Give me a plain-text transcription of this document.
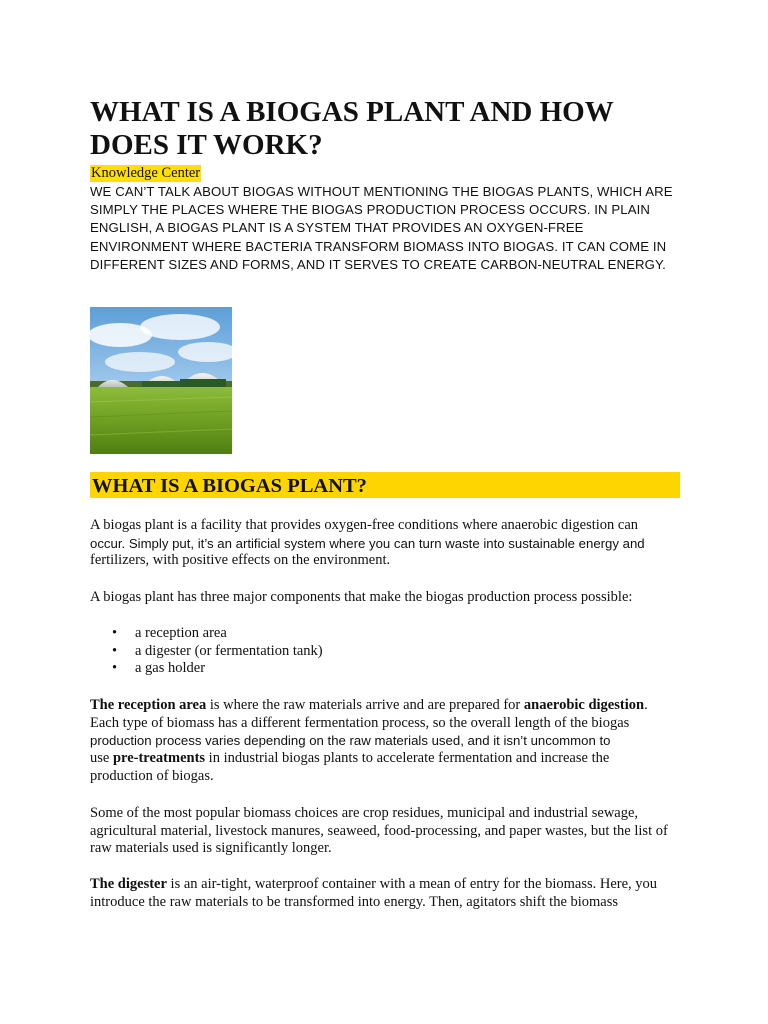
WHAT IS A BIOGAS PLANT AND HOW DOES IT WORK?
Knowledge Center

WE CAN’T TALK ABOUT BIOGAS WITHOUT MENTIONING THE BIOGAS PLANTS, WHICH ARE SIMPLY THE PLACES WHERE THE BIOGAS PRODUCTION PROCESS OCCURS. IN PLAIN ENGLISH, A BIOGAS PLANT IS A SYSTEM THAT PROVIDES AN OXYGEN-FREE ENVIRONMENT WHERE BACTERIA TRANSFORM BIOMASS INTO BIOGAS. IT CAN COME IN DIFFERENT SIZES AND FORMS, AND IT SERVES TO CREATE CARBON-NEUTRAL ENERGY.

WHAT IS A BIOGAS PLANT?
A biogas plant is a facility that provides oxygen-free conditions where anaerobic digestion can
occur. Simply put, it’s an artificial system where you can turn waste into sustainable energy and
fertilizers, with positive effects on the environment.

A biogas plant has three major components that make the biogas production process possible:

• a reception area
• a digester (or fermentation tank)
• a gas holder
The reception area is where the raw materials arrive and are prepared for anaerobic digestion.
Each type of biomass has a different fermentation process, so the overall length of the biogas
production process varies depending on the raw materials used, and it isn’t uncommon to
use pre-treatments in industrial biogas plants to accelerate fermentation and increase the
production of biogas.

Some of the most popular biomass choices are crop residues, municipal and industrial sewage, agricultural material, livestock manures, seaweed, food-processing, and paper wastes, but the list of raw materials used is significantly longer.

The digester is an air-tight, waterproof container with a mean of entry for the biomass. Here, you introduce the raw materials to be transformed into energy. Then, agitators shift the biomass
